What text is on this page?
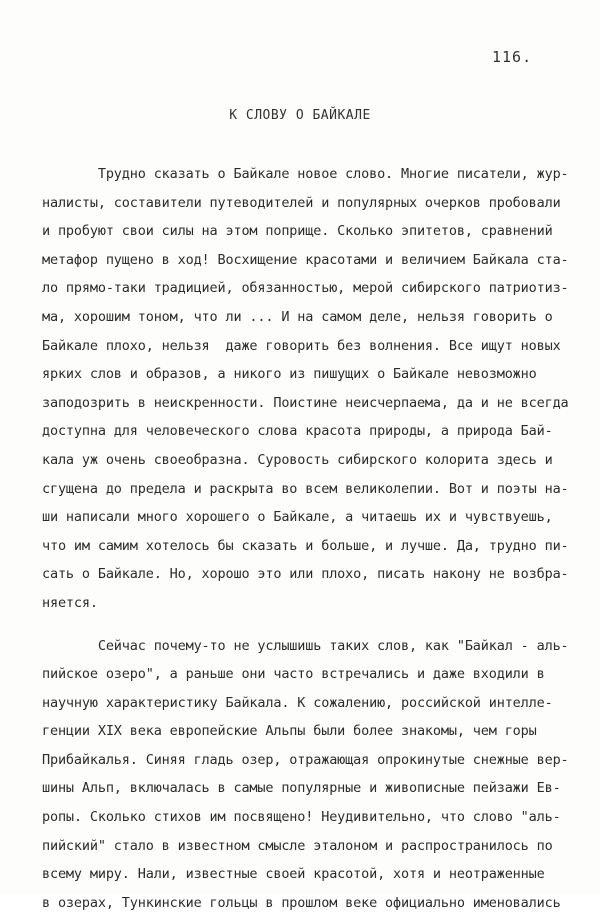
116.
К СЛОВУ О БАЙКАЛЕ
Трудно сказать о Байкале новое слово. Многие писатели, жур-
налисты, составители путеводителей и популярных очерков пробовали
и пробуют свои силы на этом поприще. Сколько эпитетов, сравнений
метафор пущено в ход! Восхищение красотами и величием Байкала ста-
ло прямо-таки традицией, обязанностью, мерой сибирского патриотиз-
ма, хорошим тоном, что ли ... И на самом деле, нельзя говорить о
Байкале плохо, нельзя  даже говорить без волнения. Все ищут новых
ярких слов и образов, а никого из пишущих о Байкале невозможно
заподозрить в неискренности. Поистине неисчерпаема, да и не всегда
доступна для человеческого слова красота природы, а природа Бай-
кала уж очень своеобразна. Суровость сибирского колорита здесь и
сгущена до предела и раскрыта во всем великолепии. Вот и поэты на-
ши написали много хорошего о Байкале, а читаешь их и чувствуешь,
что им самим хотелось бы сказать и больше, и лучше. Да, трудно пи-
сать о Байкале. Но, хорошо это или плохо, писать накону не возбра-
няется.
Сейчас почему-то не услышишь таких слов, как "Байкал - аль-
пийское озеро", а раньше они часто встречались и даже входили в
научную характеристику Байкала. К сожалению, российской интелле-
генции XIX века европейские Альпы были более знакомы, чем горы
Прибайкалья. Синяя гладь озер, отражающая опрокинутые снежные вер-
шины Альп, включалась в самые популярные и живописные пейзажи Ев-
ропы. Сколько стихов им посвящено! Неудивительно, что слово "аль-
пийский" стало в известном смысле эталоном и распространилось по
всему миру. Нали, известные своей красотой, хотя и неотраженные
в озерах, Тункинские гольцы в прошлом веке официально именовались
